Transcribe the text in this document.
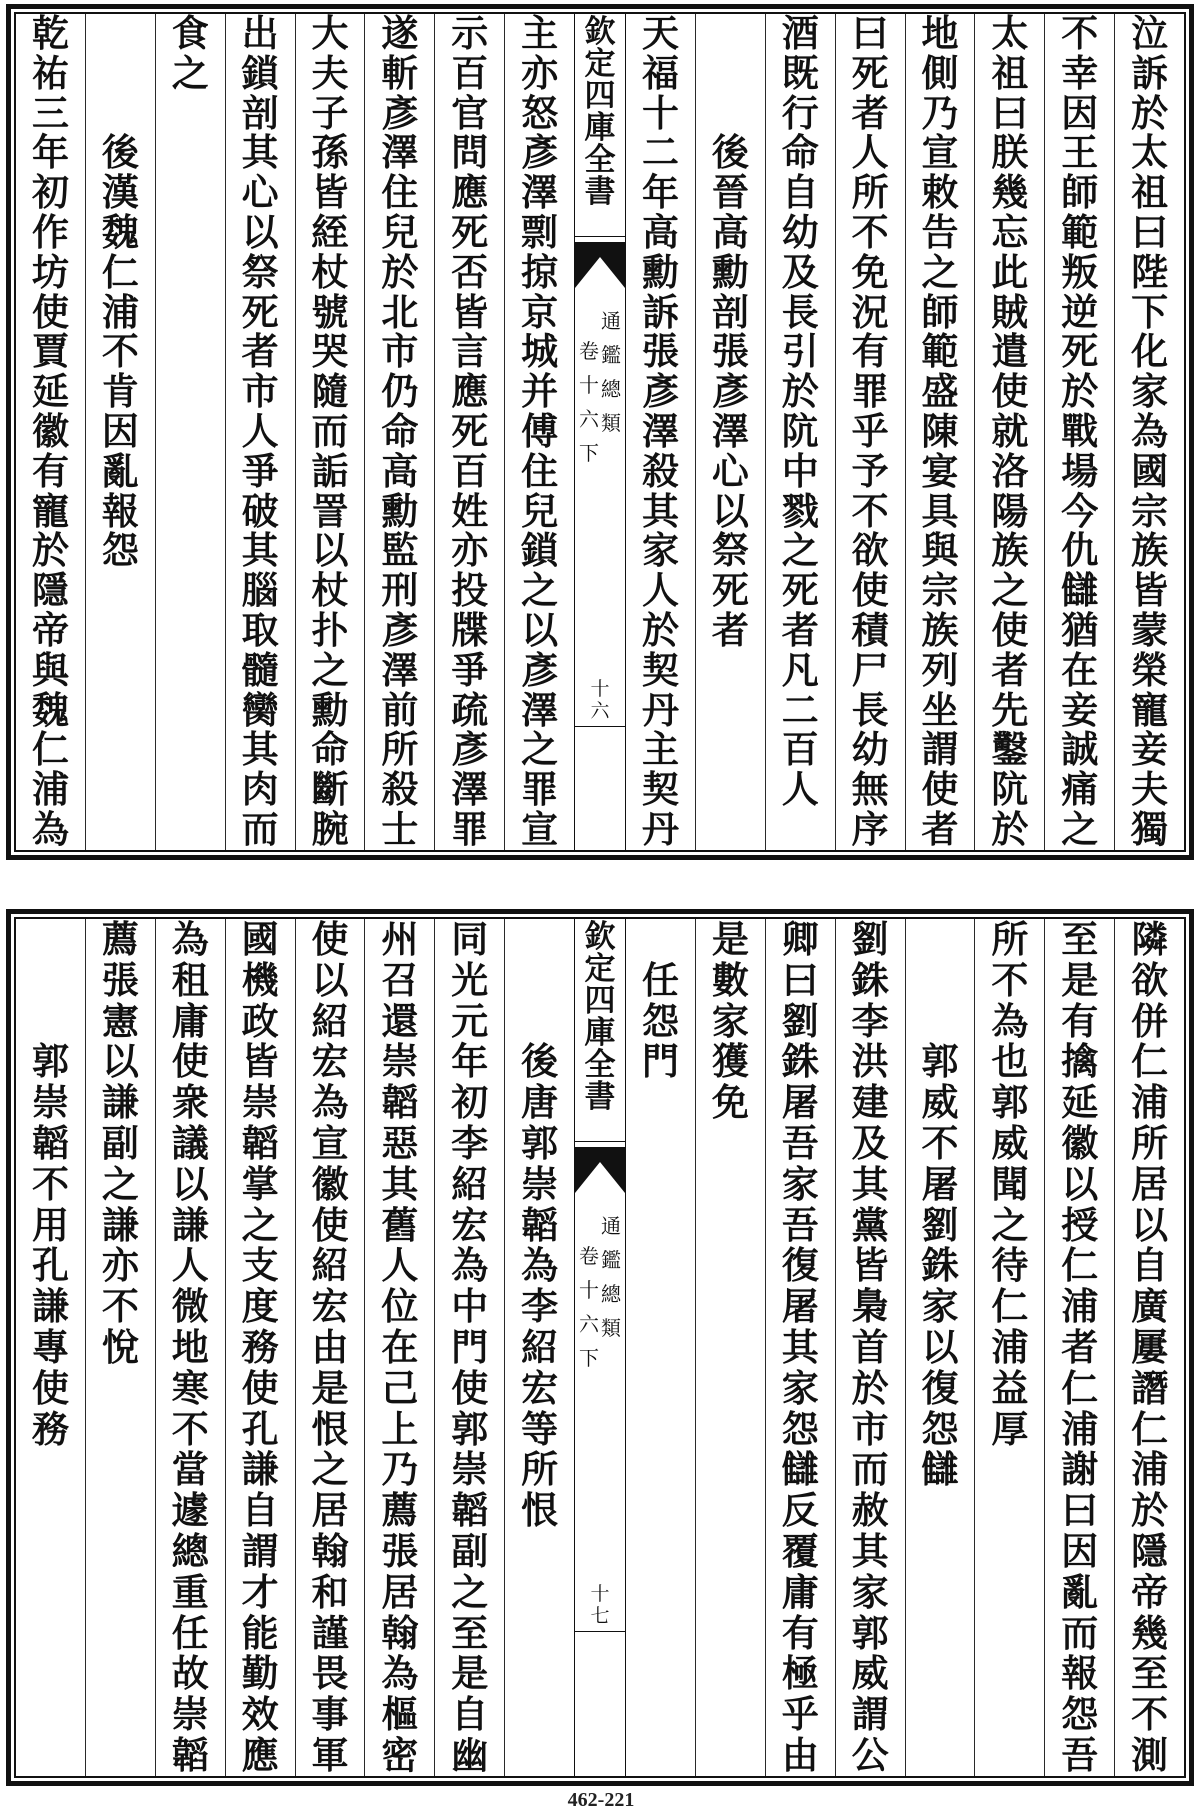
泣
訴
於
太
祖
曰
陛
下
化
家
為
國
宗
族
皆
蒙
榮
寵
妾
夫
獨
不
幸
因
王
師
範
叛
逆
死
於
戰
場
今
仇
讎
猶
在
妾
誠
痛
之
太
祖
曰
朕
幾
忘
此
賊
遣
使
就
洛
陽
族
之
使
者
先
鑿
阬
於
地
側
乃
宣
敕
告
之
師
範
盛
陳
宴
具
與
宗
族
列
坐
謂
使
者
曰
死
者
人
所
不
免
況
有
罪
乎
予
不
欲
使
積
尸
長
幼
無
序
酒
既
行
命
自
幼
及
長
引
於
阬
中
戮
之
死
者
凡
二
百
人
後
晉
高
勳
剖
張
彥
澤
心
以
祭
死
者
天
福
十
二
年
高
勳
訴
張
彥
澤
殺
其
家
人
於
契
丹
主
契
丹
欽
定
四
庫
全
書
通
鑑
總
類
卷
十
六
下
十
六
主
亦
怒
彥
澤
剽
掠
京
城
并
傅
住
兒
鎖
之
以
彥
澤
之
罪
宣
示
百
官
問
應
死
否
皆
言
應
死
百
姓
亦
投
牒
爭
疏
彥
澤
罪
遂
斬
彥
澤
住
兒
於
北
市
仍
命
高
勳
監
刑
彥
澤
前
所
殺
士
大
夫
子
孫
皆
絰
杖
號
哭
隨
而
詬
詈
以
杖
扑
之
勳
命
斷
腕
出
鎖
剖
其
心
以
祭
死
者
市
人
爭
破
其
腦
取
髓
臠
其
肉
而
食
之
後
漢
魏
仁
浦
不
肯
因
亂
報
怨
乾
祐
三
年
初
作
坊
使
賈
延
徽
有
寵
於
隱
帝
與
魏
仁
浦
為
隣
欲
併
仁
浦
所
居
以
自
廣
屢
譖
仁
浦
於
隱
帝
幾
至
不
測
至
是
有
擒
延
徽
以
授
仁
浦
者
仁
浦
謝
曰
因
亂
而
報
怨
吾
所
不
為
也
郭
威
聞
之
待
仁
浦
益
厚
郭
威
不
屠
劉
銖
家
以
復
怨
讎
劉
銖
李
洪
建
及
其
黨
皆
梟
首
於
市
而
赦
其
家
郭
威
謂
公
卿
曰
劉
銖
屠
吾
家
吾
復
屠
其
家
怨
讎
反
覆
庸
有
極
乎
由
是
數
家
獲
免
任
怨
門
欽
定
四
庫
全
書
通
鑑
總
類
卷
十
六
下
十
七
後
唐
郭
崇
韜
為
李
紹
宏
等
所
恨
同
光
元
年
初
李
紹
宏
為
中
門
使
郭
崇
韜
副
之
至
是
自
幽
州
召
還
崇
韜
惡
其
舊
人
位
在
己
上
乃
薦
張
居
翰
為
樞
密
使
以
紹
宏
為
宣
徽
使
紹
宏
由
是
恨
之
居
翰
和
謹
畏
事
軍
國
機
政
皆
崇
韜
掌
之
支
度
務
使
孔
謙
自
謂
才
能
勤
效
應
為
租
庸
使
衆
議
以
謙
人
微
地
寒
不
當
遽
總
重
任
故
崇
韜
薦
張
憲
以
謙
副
之
謙
亦
不
悅
郭
崇
韜
不
用
孔
謙
專
使
務
462-221
